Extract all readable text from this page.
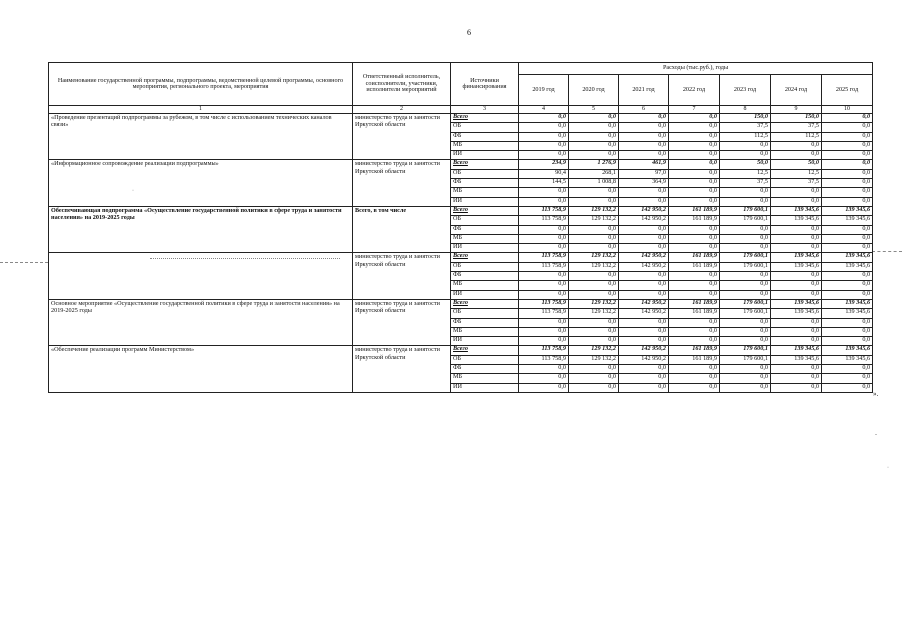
6
Наименование государственной программы, подпрограммы, ведомственной целевой программы, основного мероприятия, регионального проекта, мероприятия	Ответственный исполнитель, соисполнители, участники, исполнители мероприятий	Источники финансирования	Расходы (тыс.руб.), годы						
			2019 год	2020 год	2021 год	2022 год	2023 год	2024 год	2025 год
1	2	3	4	5	6	7	8	9	10
«Проведение презентаций подпрограммы за рубежом, в том числе с использованием технических каналов связи»	министерство труда и занятости Иркутской области	Всего	0,0	0,0	0,0	0,0	150,0	150,0	0,0
		ОБ	0,0	0,0	0,0	0,0	37,5	37,5	0,0
		ФБ	0,0	0,0	0,0	0,0	112,5	112,5	0,0
		МБ	0,0	0,0	0,0	0,0	0,0	0,0	0,0
		ИИ	0,0	0,0	0,0	0,0	0,0	0,0	0,0
«Информационное сопровождение реализации подпрограммы»	министерство труда и занятости Иркутской области	Всего	234,9	1 276,9	461,9	0,0	50,0	50,0	0,0
		ОБ	90,4	268,1	97,0	0,0	12,5	12,5	0,0
		ФБ	144,5	1 008,8	364,9	0,0	37,5	37,5	0,0
		МБ	0,0	0,0	0,0	0,0	0,0	0,0	0,0
		ИИ	0,0	0,0	0,0	0,0	0,0	0,0	0,0
Обеспечивающая подпрограмма «Осуществление государственной политики в сфере труда и занятости населения» на 2019-2025 годы	Всего, в том числе	Всего	113 758,9	129 132,2	142 950,2	161 189,9	179 600,1	139 345,6	139 345,6
		ОБ	113 758,9	129 132,2	142 950,2	161 189,9	179 600,1	139 345,6	139 345,6
		ФБ	0,0	0,0	0,0	0,0	0,0	0,0	0,0
		МБ	0,0	0,0	0,0	0,0	0,0	0,0	0,0
		ИИ	0,0	0,0	0,0	0,0	0,0	0,0	0,0
	министерство труда и занятости Иркутской области	Всего	113 758,9	129 132,2	142 950,2	161 189,9	179 600,1	139 345,6	139 345,6
		ОБ	113 758,9	129 132,2	142 950,2	161 189,9	179 600,1	139 345,6	139 345,6
		ФБ	0,0	0,0	0,0	0,0	0,0	0,0	0,0
		МБ	0,0	0,0	0,0	0,0	0,0	0,0	0,0
		ИИ	0,0	0,0	0,0	0,0	0,0	0,0	0,0
Основное мероприятие «Осуществление государственной политики в сфере труда и занятости населения» на 2019-2025 годы	министерство труда и занятости Иркутской области	Всего	113 758,9	129 132,2	142 950,2	161 189,9	179 600,1	139 345,6	139 345,6
		ОБ	113 758,9	129 132,2	142 950,2	161 189,9	179 600,1	139 345,6	139 345,6
		ФБ	0,0	0,0	0,0	0,0	0,0	0,0	0,0
		МБ	0,0	0,0	0,0	0,0	0,0	0,0	0,0
		ИИ	0,0	0,0	0,0	0,0	0,0	0,0	0,0
«Обеспечение реализации программ Министерством»	министерство труда и занятости Иркутской области	Всего	113 758,9	129 132,2	142 950,2	161 189,9	179 600,1	139 345,6	139 345,6
		ОБ	113 758,9	129 132,2	142 950,2	161 189,9	179 600,1	139 345,6	139 345,6
		ФБ	0,0	0,0	0,0	0,0	0,0	0,0	0,0
		МБ	0,0	0,0	0,0	0,0	0,0	0,0	0,0
		ИИ	0,0	0,0	0,0	0,0	0,0	0,0	0,0
».
·
·
-
